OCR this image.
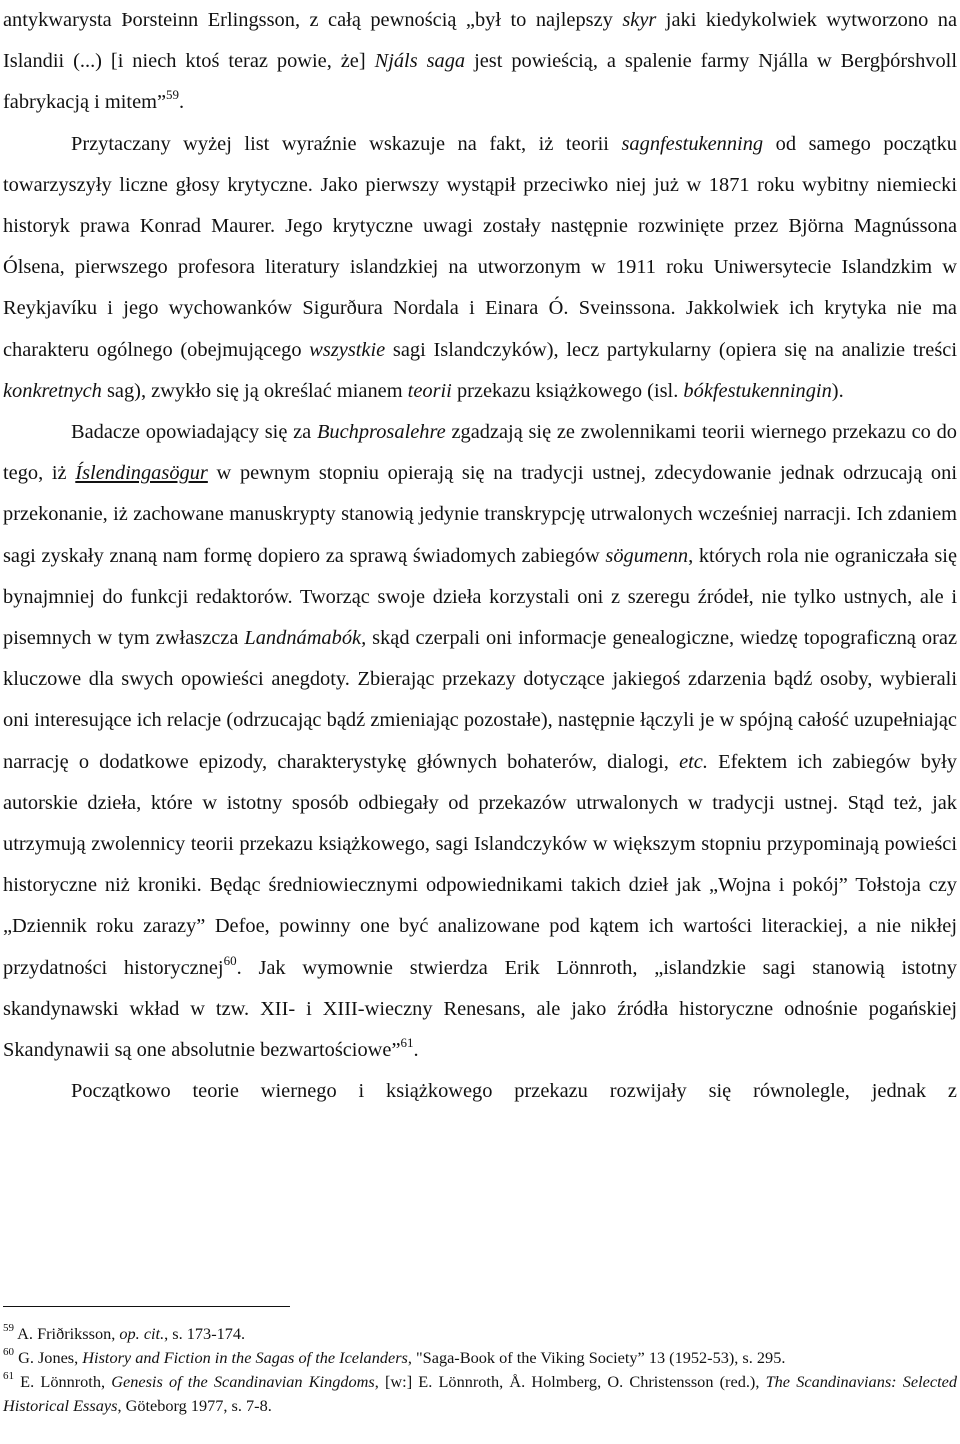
antykwarysta Þorsteinn Erlingsson, z całą pewnością „był to najlepszy skyr jaki kiedykolwiek wytworzono na Islandii (...) [i niech ktoś teraz powie, że] Njáls saga jest powieścią, a spalenie farmy Njálla w Bergþórshvoll fabrykacją i mitem”$^{59}$.

Przytaczany wyżej list wyraźnie wskazuje na fakt, iż teorii sagnfestukenning od samego początku towarzyszyły liczne głosy krytyczne. Jako pierwszy wystąpił przeciwko niej już w 1871 roku wybitny niemiecki historyk prawa Konrad Maurer. Jego krytyczne uwagi zostały następnie rozwinięte przez Björna Magnússona Ólsena, pierwszego profesora literatury islandzkiej na utworzonym w 1911 roku Uniwersytecie Islandzkim w Reykjavíku i jego wychowanków Sigurðura Nordala i Einara Ó. Sveinssona. Jakkolwiek ich krytyka nie ma charakteru ogólnego (obejmującego wszystkie sagi Islandczyków), lecz partykularny (opiera się na analizie treści konkretnych sag), zwykło się ją określać mianem teorii przekazu książkowego (isl. bókfestukenningin).

Badacze opowiadający się za Buchprosalehre zgadzają się ze zwolennikami teorii wiernego przekazu co do tego, iż Íslendingasögur w pewnym stopniu opierają się na tradycji ustnej, zdecydowanie jednak odrzucają oni przekonanie, iż zachowane manuskrypty stanowią jedynie transkrypcję utrwalonych wcześniej narracji. Ich zdaniem sagi zyskały znaną nam formę dopiero za sprawą świadomych zabiegów sögumenn, których rola nie ograniczała się bynajmniej do funkcji redaktorów. Tworząc swoje dzieła korzystali oni z szeregu źródeł, nie tylko ustnych, ale i pisemnych w tym zwłaszcza Landnámabók, skąd czerpali oni informacje genealogiczne, wiedzę topograficzną oraz kluczowe dla swych opowieści anegdoty. Zbierając przekazy dotyczące jakiegoś zdarzenia bądź osoby, wybierali oni interesujące ich relacje (odrzucając bądź zmieniając pozostałe), następnie łączyli je w spójną całość uzupełniając narrację o dodatkowe epizody, charakterystykę głównych bohaterów, dialogi, etc. Efektem ich zabiegów były autorskie dzieła, które w istotny sposób odbiegały od przekazów utrwalonych w tradycji ustnej. Stąd też, jak utrzymują zwolennicy teorii przekazu książkowego, sagi Islandczyków w większym stopniu przypominają powieści historyczne niż kroniki. Będąc średniowiecznymi odpowiednikami takich dzieł jak „Wojna i pokój” Tołstoja czy „Dziennik roku zarazy” Defoe, powinny one być analizowane pod kątem ich wartości literackiej, a nie nikłej przydatności historycznej$^{60}$. Jak wymownie stwierdza Erik Lönnroth, „islandzkie sagi stanowią istotny skandynawski wkład w tzw. XII- i XIII-wieczny Renesans, ale jako źródła historyczne odnośnie pogańskiej Skandynawii są one absolutnie bezwartościowe”$^{61}$.

Początkowo teorie wiernego i książkowego przekazu rozwijały się równolegle, jednak z

$^{59}$ A. Friðriksson, op. cit., s. 173-174.

$^{60}$ G. Jones, History and Fiction in the Sagas of the Icelanders, "Saga-Book of the Viking Society” 13 (1952-53), s. 295.

$^{61}$ E. Lönnroth, Genesis of the Scandinavian Kingdoms, [w:] E. Lönnroth, Å. Holmberg, O. Christensson (red.), The Scandinavians: Selected Historical Essays, Göteborg 1977, s. 7-8.
